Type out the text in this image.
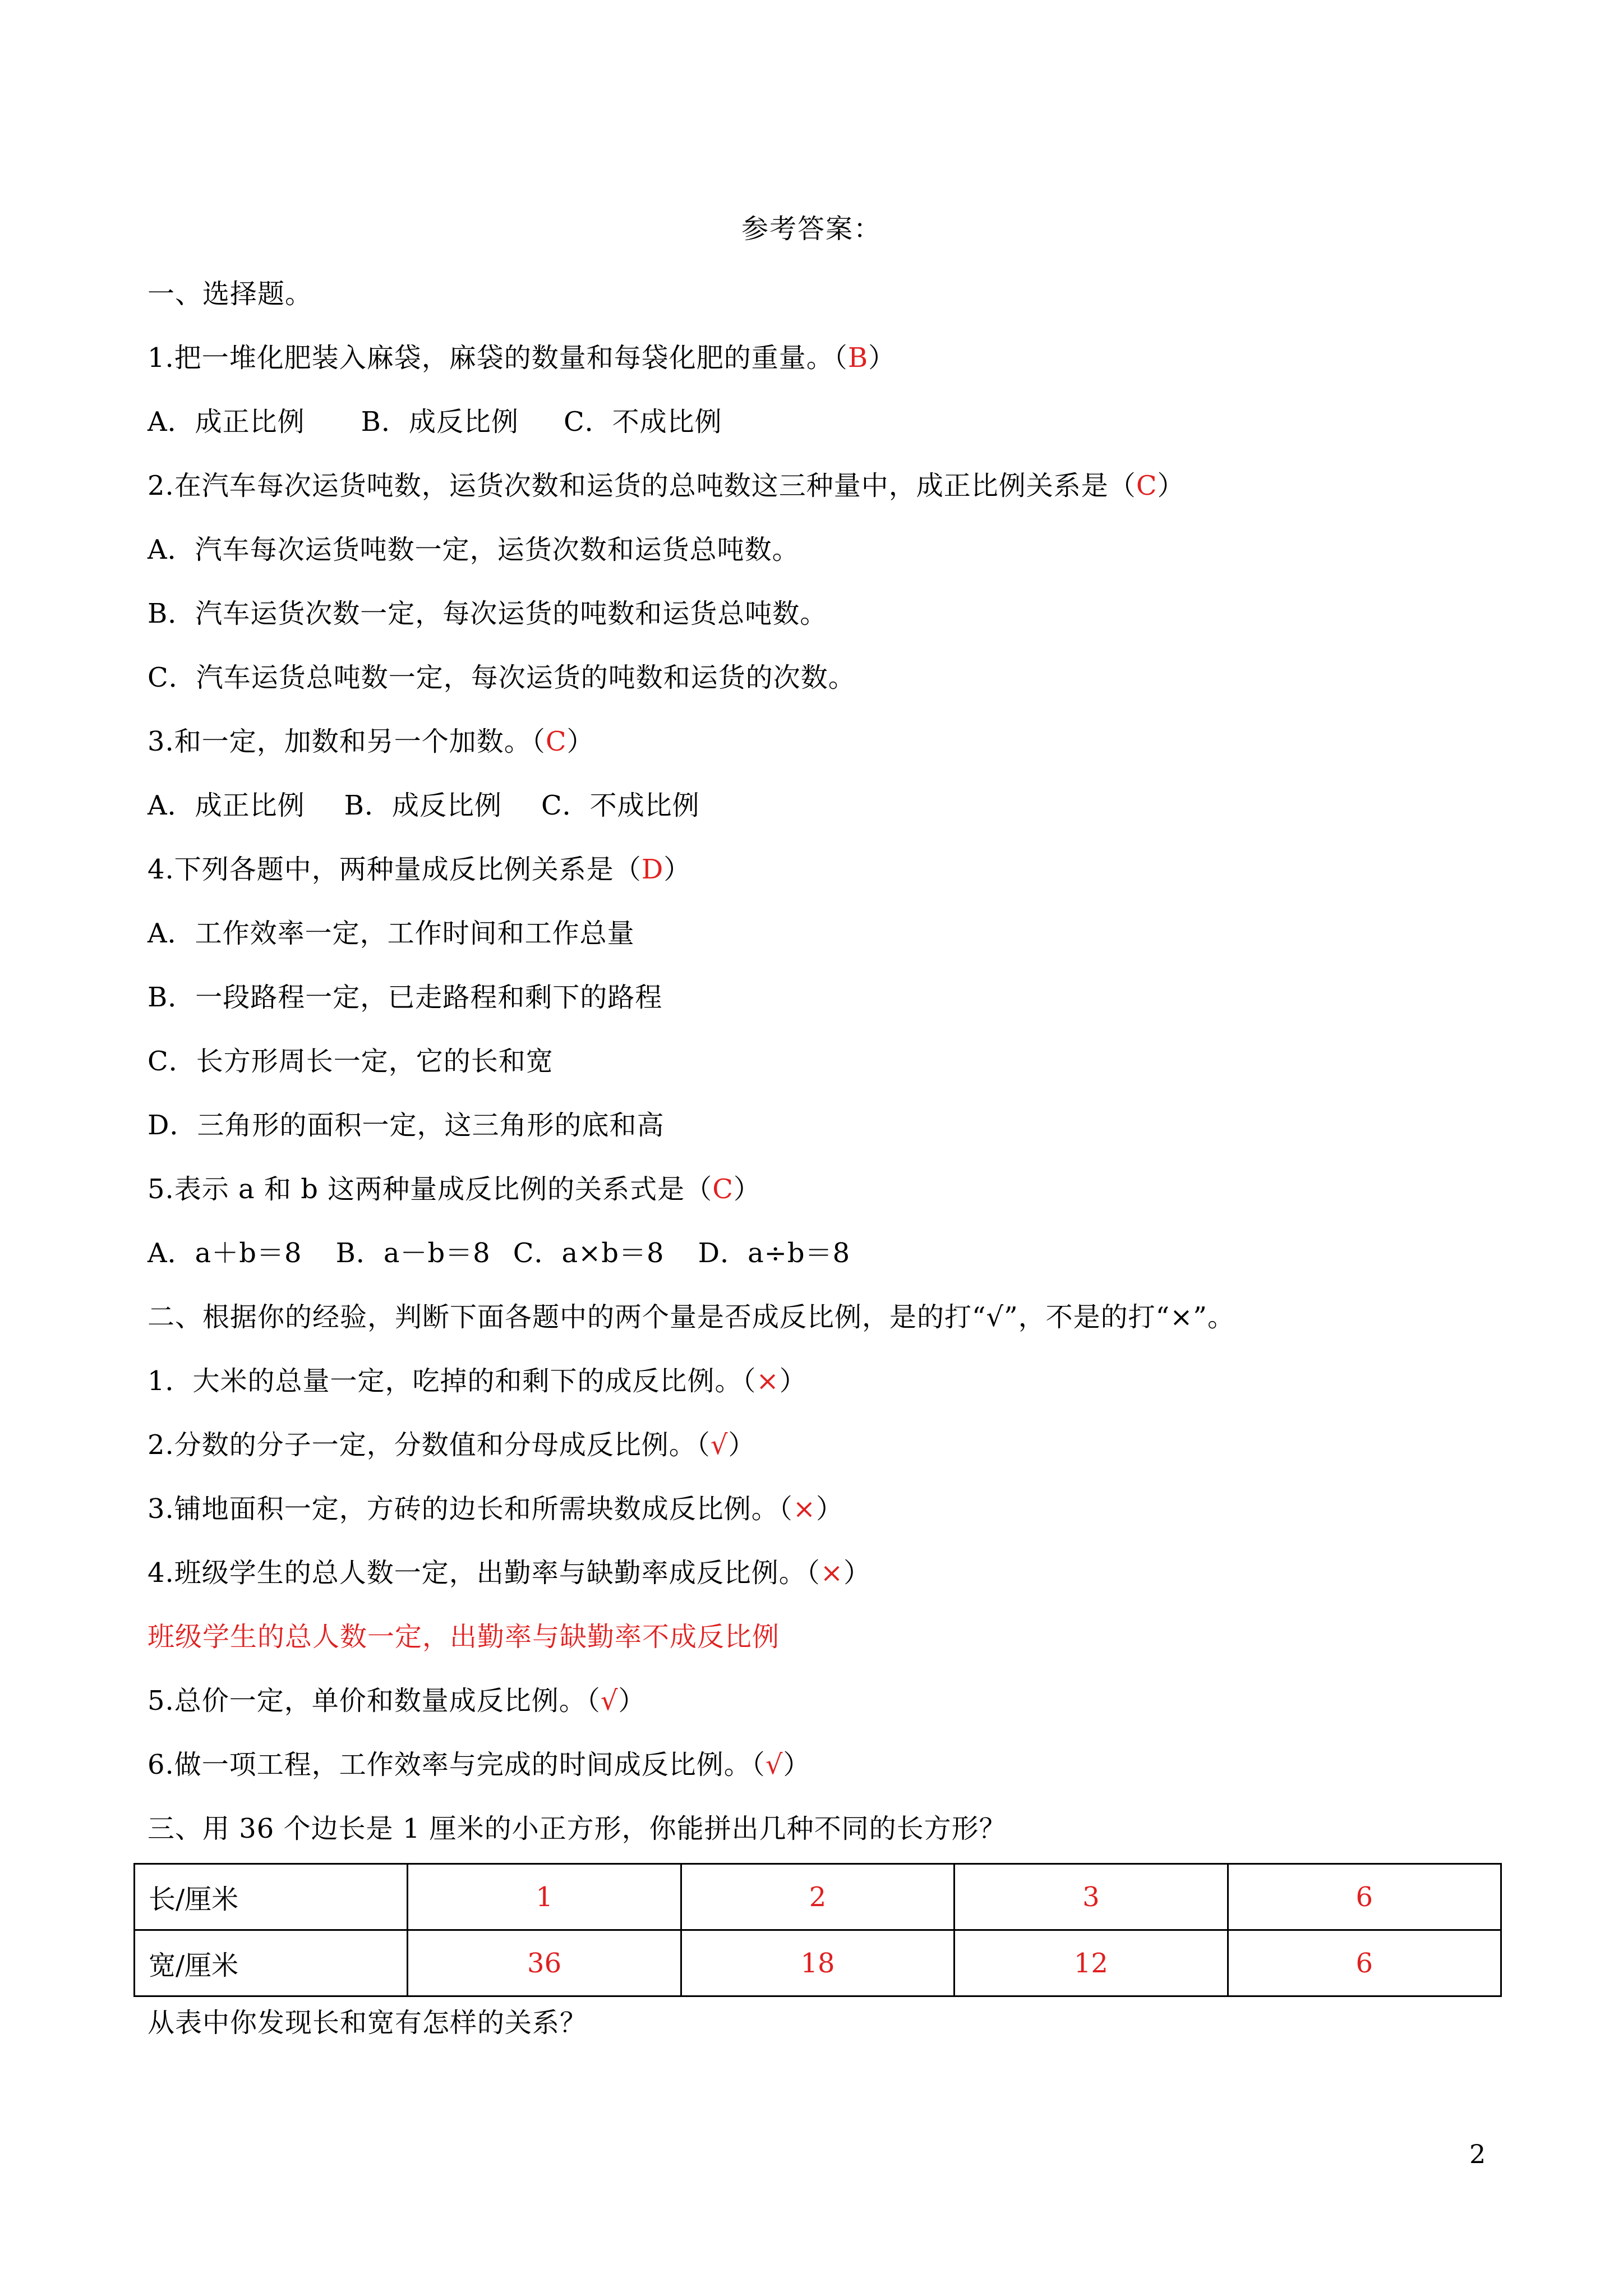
参考答案：
一、选择题。
1.把一堆化肥装入麻袋，麻袋的数量和每袋化肥的重量。（B）
A．成正比例 B．成反比例 C．不成比例
2.在汽车每次运货吨数，运货次数和运货的总吨数这三种量中，成正比例关系是（C）
A．汽车每次运货吨数一定，运货次数和运货总吨数。
B．汽车运货次数一定，每次运货的吨数和运货总吨数。
C．汽车运货总吨数一定，每次运货的吨数和运货的次数。
3.和一定，加数和另一个加数。（C）
A．成正比例 B．成反比例 C．不成比例
4.下列各题中，两种量成反比例关系是（D）
A．工作效率一定，工作时间和工作总量
B．一段路程一定，已走路程和剩下的路程
C．长方形周长一定，它的长和宽
D．三角形的面积一定，这三角形的底和高
5.表示 a 和 b 这两种量成反比例的关系式是（C）
A．a＋b＝8 B．a－b＝8 C．a×b＝8 D．a÷b＝8
二、根据你的经验，判断下面各题中的两个量是否成反比例，是的打“√”，不是的打“×”。
1．大米的总量一定，吃掉的和剩下的成反比例。（×）
2.分数的分子一定，分数值和分母成反比例。（√）
3.铺地面积一定，方砖的边长和所需块数成反比例。（×）
4.班级学生的总人数一定，出勤率与缺勤率成反比例。（×）
班级学生的总人数一定，出勤率与缺勤率不成反比例
5.总价一定，单价和数量成反比例。（√）
6.做一项工程，工作效率与完成的时间成反比例。（√）
三、用 36 个边长是 1 厘米的小正方形，你能拼出几种不同的长方形？
长/厘米	1	2	3	6
宽/厘米	36	18	12	6
从表中你发现长和宽有怎样的关系？
2
